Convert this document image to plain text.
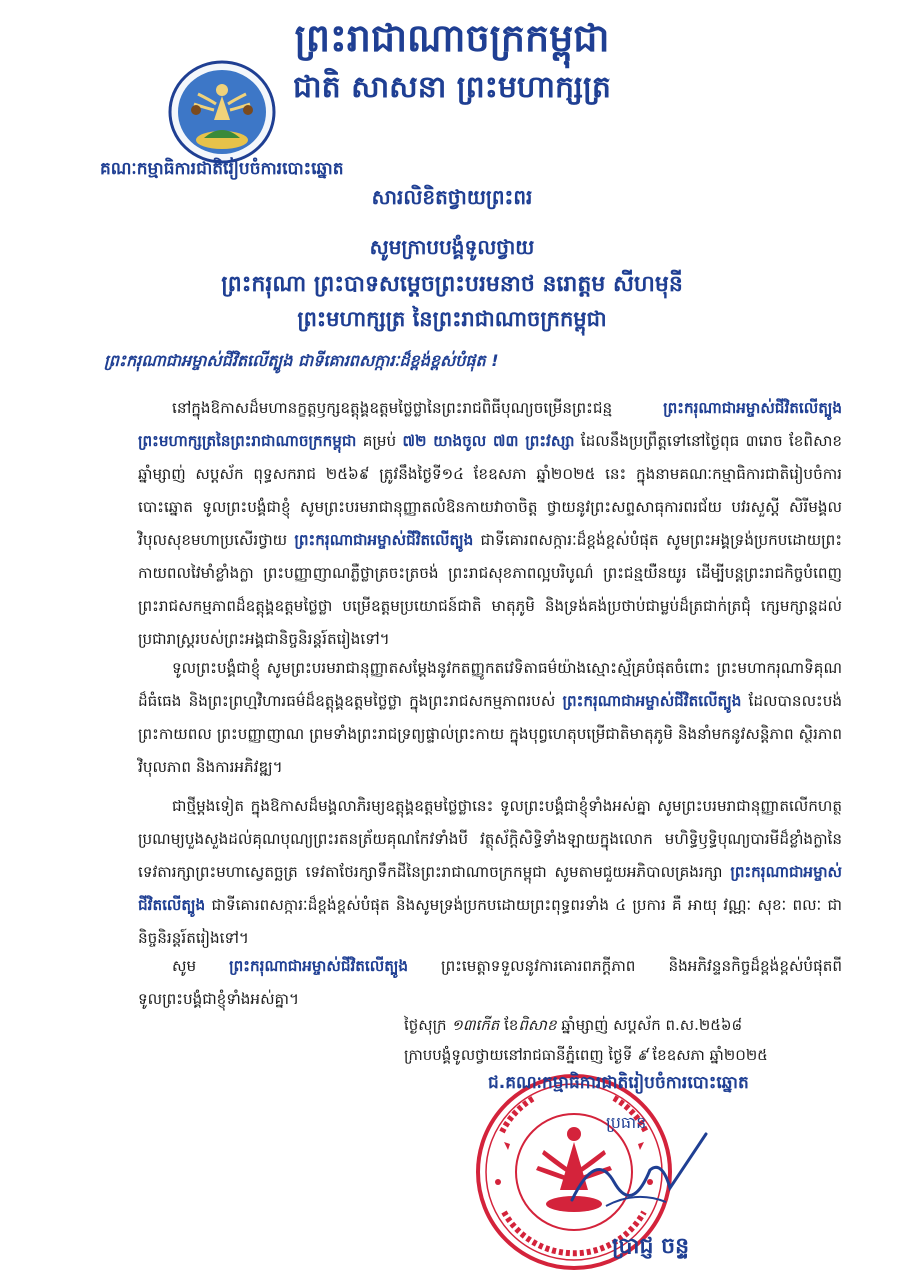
ព្រះរាជាណាចក្រកម្ពុជា
ជាតិ សាសនា ព្រះមហាក្សត្រ
គណៈកម្មាធិការជាតិរៀបចំការបោះឆ្នោត
សារលិខិតថ្វាយព្រះពរ
សូមក្រាបបង្គំទូលថ្វាយ
ព្រះករុណា ព្រះបាទសម្តេចព្រះបរមនាថ នរោត្តម សីហមុនី
ព្រះមហាក្សត្រ នៃព្រះរាជាណាចក្រកម្ពុជា
ព្រះករុណាជាអម្ចាស់ជីវិតលើត្បូង ជាទីគោរពសក្ការៈដ៏ខ្ពង់ខ្ពស់បំផុត !
នៅក្នុងឱកាសដ៏មហានក្ខត្តឫក្សឧត្តុង្គឧត្តមថ្លៃថ្លានៃព្រះរាជពិធីបុណ្យចម្រើនព្រះជន្ម ព្រះករុណាជាអម្ចាស់ជីវិតលើត្បូង ព្រះមហាក្សត្រនៃព្រះរាជាណាចក្រកម្ពុជា គម្រប់ ៧២ យាងចូល ៧៣ ព្រះវស្សា ដែលនឹងប្រព្រឹត្តទៅនៅថ្ងៃពុធ ៣រោច ខែពិសាខ ឆ្នាំម្សាញ់ សប្តស័ក ពុទ្ធសករាជ ២៥៦៩ ត្រូវនឹងថ្ងៃទី១៤ ខែឧសភា ឆ្នាំ២០២៥ នេះ ក្នុងនាមគណៈកម្មាធិការជាតិរៀបចំការបោះឆ្នោត ទូលព្រះបង្គំជាខ្ញុំ សូមព្រះបរមរាជានុញ្ញាតលំឱនកាយវាចាចិត្ត ថ្វាយនូវព្រះសព្ទសាធុការពរជ័យ បវរសួស្តី សិរីមង្គល វិបុលសុខមហាប្រសើរថ្វាយ ព្រះករុណាជាអម្ចាស់ជីវិតលើត្បូង ជាទីគោរពសក្ការៈដ៏ខ្ពង់ខ្ពស់បំផុត សូមព្រះអង្គទ្រង់ប្រកបដោយព្រះកាយពលវៃមាំខ្លាំងក្លា ព្រះបញ្ញាញាណភ្លឺថ្លាត្រចះត្រចង់ ព្រះរាជសុខភាពល្អបរិបូណ៌ ព្រះជន្មយឺនយូរ ដើម្បីបន្តព្រះរាជកិច្ចបំពេញព្រះរាជសកម្មភាពដ៏ឧត្តុង្គឧត្តមថ្លៃថ្លា បម្រើឧត្តមប្រយោជន៍ជាតិ មាតុភូមិ និងទ្រង់គង់ប្រថាប់ជាម្លប់ដ៏ត្រជាក់ត្រជុំ ក្សេមក្សាន្តដល់ប្រជារាស្ត្ររបស់ព្រះអង្គជានិច្ចនិរន្តរ៍តរៀងទៅ។
ទូលព្រះបង្គំជាខ្ញុំ សូមព្រះបរមរាជានុញ្ញាតសម្តែងនូវកតញ្ញូកតវេទិតាធម៌យ៉ាងស្មោះស្ម័គ្របំផុតចំពោះ ព្រះមហាករុណាទិគុណដ៏ធំធេង និងព្រះព្រហ្មវិហារធម៌ដ៏ឧត្តុង្គឧត្តមថ្លៃថ្លា ក្នុងព្រះរាជសកម្មភាពរបស់ ព្រះករុណាជាអម្ចាស់ជីវិតលើត្បូង ដែលបានលះបង់ព្រះកាយពល ព្រះបញ្ញាញាណ ព្រមទាំងព្រះរាជទ្រព្យផ្ទាល់ព្រះកាយ ក្នុងបុព្វហេតុបម្រើជាតិមាតុភូមិ និងនាំមកនូវសន្តិភាព ស្ថិរភាព វិបុលភាព និងការអភិវឌ្ឍ។
ជាថ្មីម្តងទៀត ក្នុងឱកាសដ៏មង្គលាភិរម្យឧត្តុង្គឧត្តមថ្លៃថ្លានេះ ទូលព្រះបង្គំជាខ្ញុំទាំងអស់គ្នា សូមព្រះបរមរាជានុញ្ញាតលើកហត្ថប្រណម្យបួងសួងដល់គុណបុណ្យព្រះរតនត្រ័យគុណកែវទាំងបី វត្ថុស័ក្តិសិទ្ធិទាំងឡាយក្នុងលោក មហិទ្ធិឫទ្ធិបុណ្យបារមីដ៏ខ្លាំងក្លានៃទេវតារក្សាព្រះមហាស្វេតច្ឆត្រ ទេវតាថែរក្សាទឹកដីនៃព្រះរាជាណាចក្រកម្ពុជា សូមតាមជួយអភិបាលគ្រងរក្សា ព្រះករុណាជាអម្ចាស់ជីវិតលើត្បូង ជាទីគោរពសក្ការៈដ៏ខ្ពង់ខ្ពស់បំផុត និងសូមទ្រង់ប្រកបដោយព្រះពុទ្ធពរទាំង ៤ ប្រការ គឺ អាយុ វណ្ណៈ សុខៈ ពលៈ ជានិច្ចនិរន្តរ៍តរៀងទៅ។
សូម ព្រះករុណាជាអម្ចាស់ជីវិតលើត្បូង ព្រះមេត្តាទទួលនូវការគោរពភក្តីភាព និងអភិវន្ទនកិច្ចដ៏ខ្ពង់ខ្ពស់បំផុតពីទូលព្រះបង្គំជាខ្ញុំទាំងអស់គ្នា។
ថ្ងៃសុក្រ ១៣កើត ខែពិសាខ ឆ្នាំម្សាញ់ សប្តស័ក ព.ស.២៥៦៨
ក្រាបបង្គំទូលថ្វាយនៅរាជធានីភ្នំពេញ ថ្ងៃទី ៩ ខែឧសភា ឆ្នាំ២០២៥
ជ.គណៈកម្មាធិការជាតិរៀបចំការបោះឆ្នោត
ប្រធាន
ប្រាជ្ញ ចន្ទ
